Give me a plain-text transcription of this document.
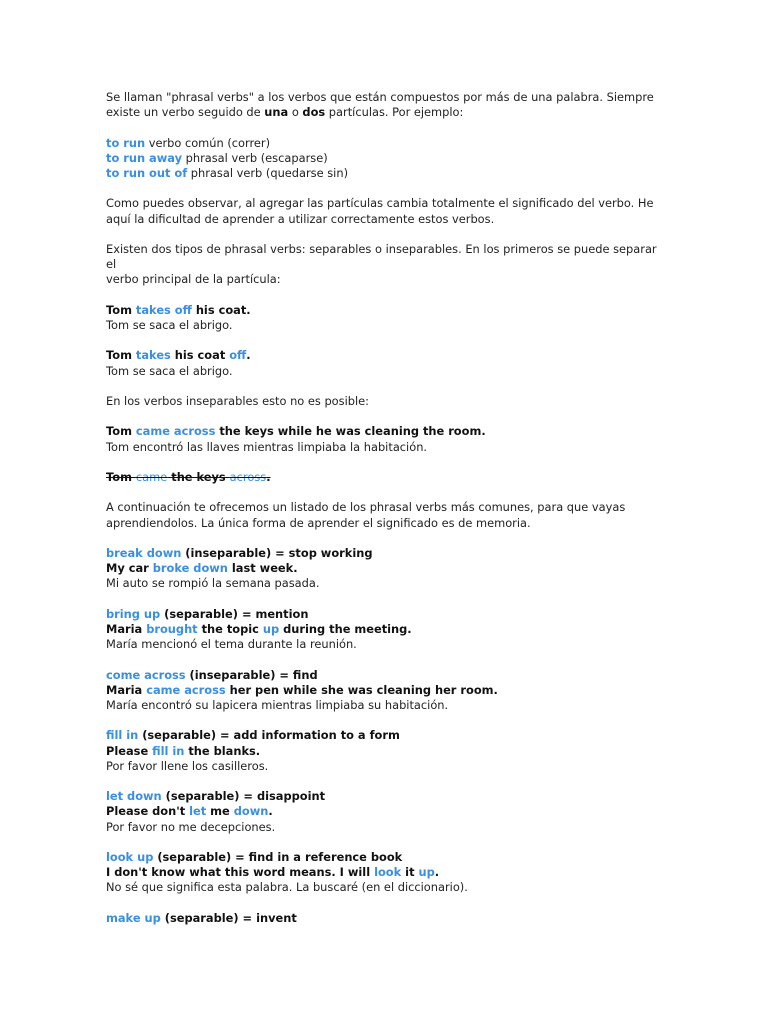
Se llaman "phrasal verbs" a los verbos que están compuestos por más de una palabra. Siempre
existe un verbo seguido de una o dos partículas. Por ejemplo:

to run verbo común (correr)
to run away phrasal verb (escaparse)
to run out of phrasal verb (quedarse sin)

Como puedes observar, al agregar las partículas cambia totalmente el significado del verbo. He
aquí la dificultad de aprender a utilizar correctamente estos verbos.

Existen dos tipos de phrasal verbs: separables o inseparables. En los primeros se puede separar el
verbo principal de la partícula:

Tom takes off his coat.
Tom se saca el abrigo.

Tom takes his coat off.
Tom se saca el abrigo.

En los verbos inseparables esto no es posible:

Tom came across the keys while he was cleaning the room.
Tom encontró las llaves mientras limpiaba la habitación.

Tom came the keys across.

A continuación te ofrecemos un listado de los phrasal verbs más comunes, para que vayas
aprendiendolos. La única forma de aprender el significado es de memoria.

break down (inseparable) = stop working
My car broke down last week.
Mi auto se rompió la semana pasada.

bring up (separable) = mention
Maria brought the topic up during the meeting.
María mencionó el tema durante la reunión.

come across (inseparable) = find
Maria came across her pen while she was cleaning her room.
María encontró su lapicera mientras limpiaba su habitación.

fill in (separable) = add information to a form
Please fill in the blanks.
Por favor llene los casilleros.

let down (separable) = disappoint
Please don't let me down.
Por favor no me decepciones.

look up (separable) = find in a reference book
I don't know what this word means. I will look it up.
No sé que significa esta palabra. La buscaré (en el diccionario).

make up (separable) = invent
